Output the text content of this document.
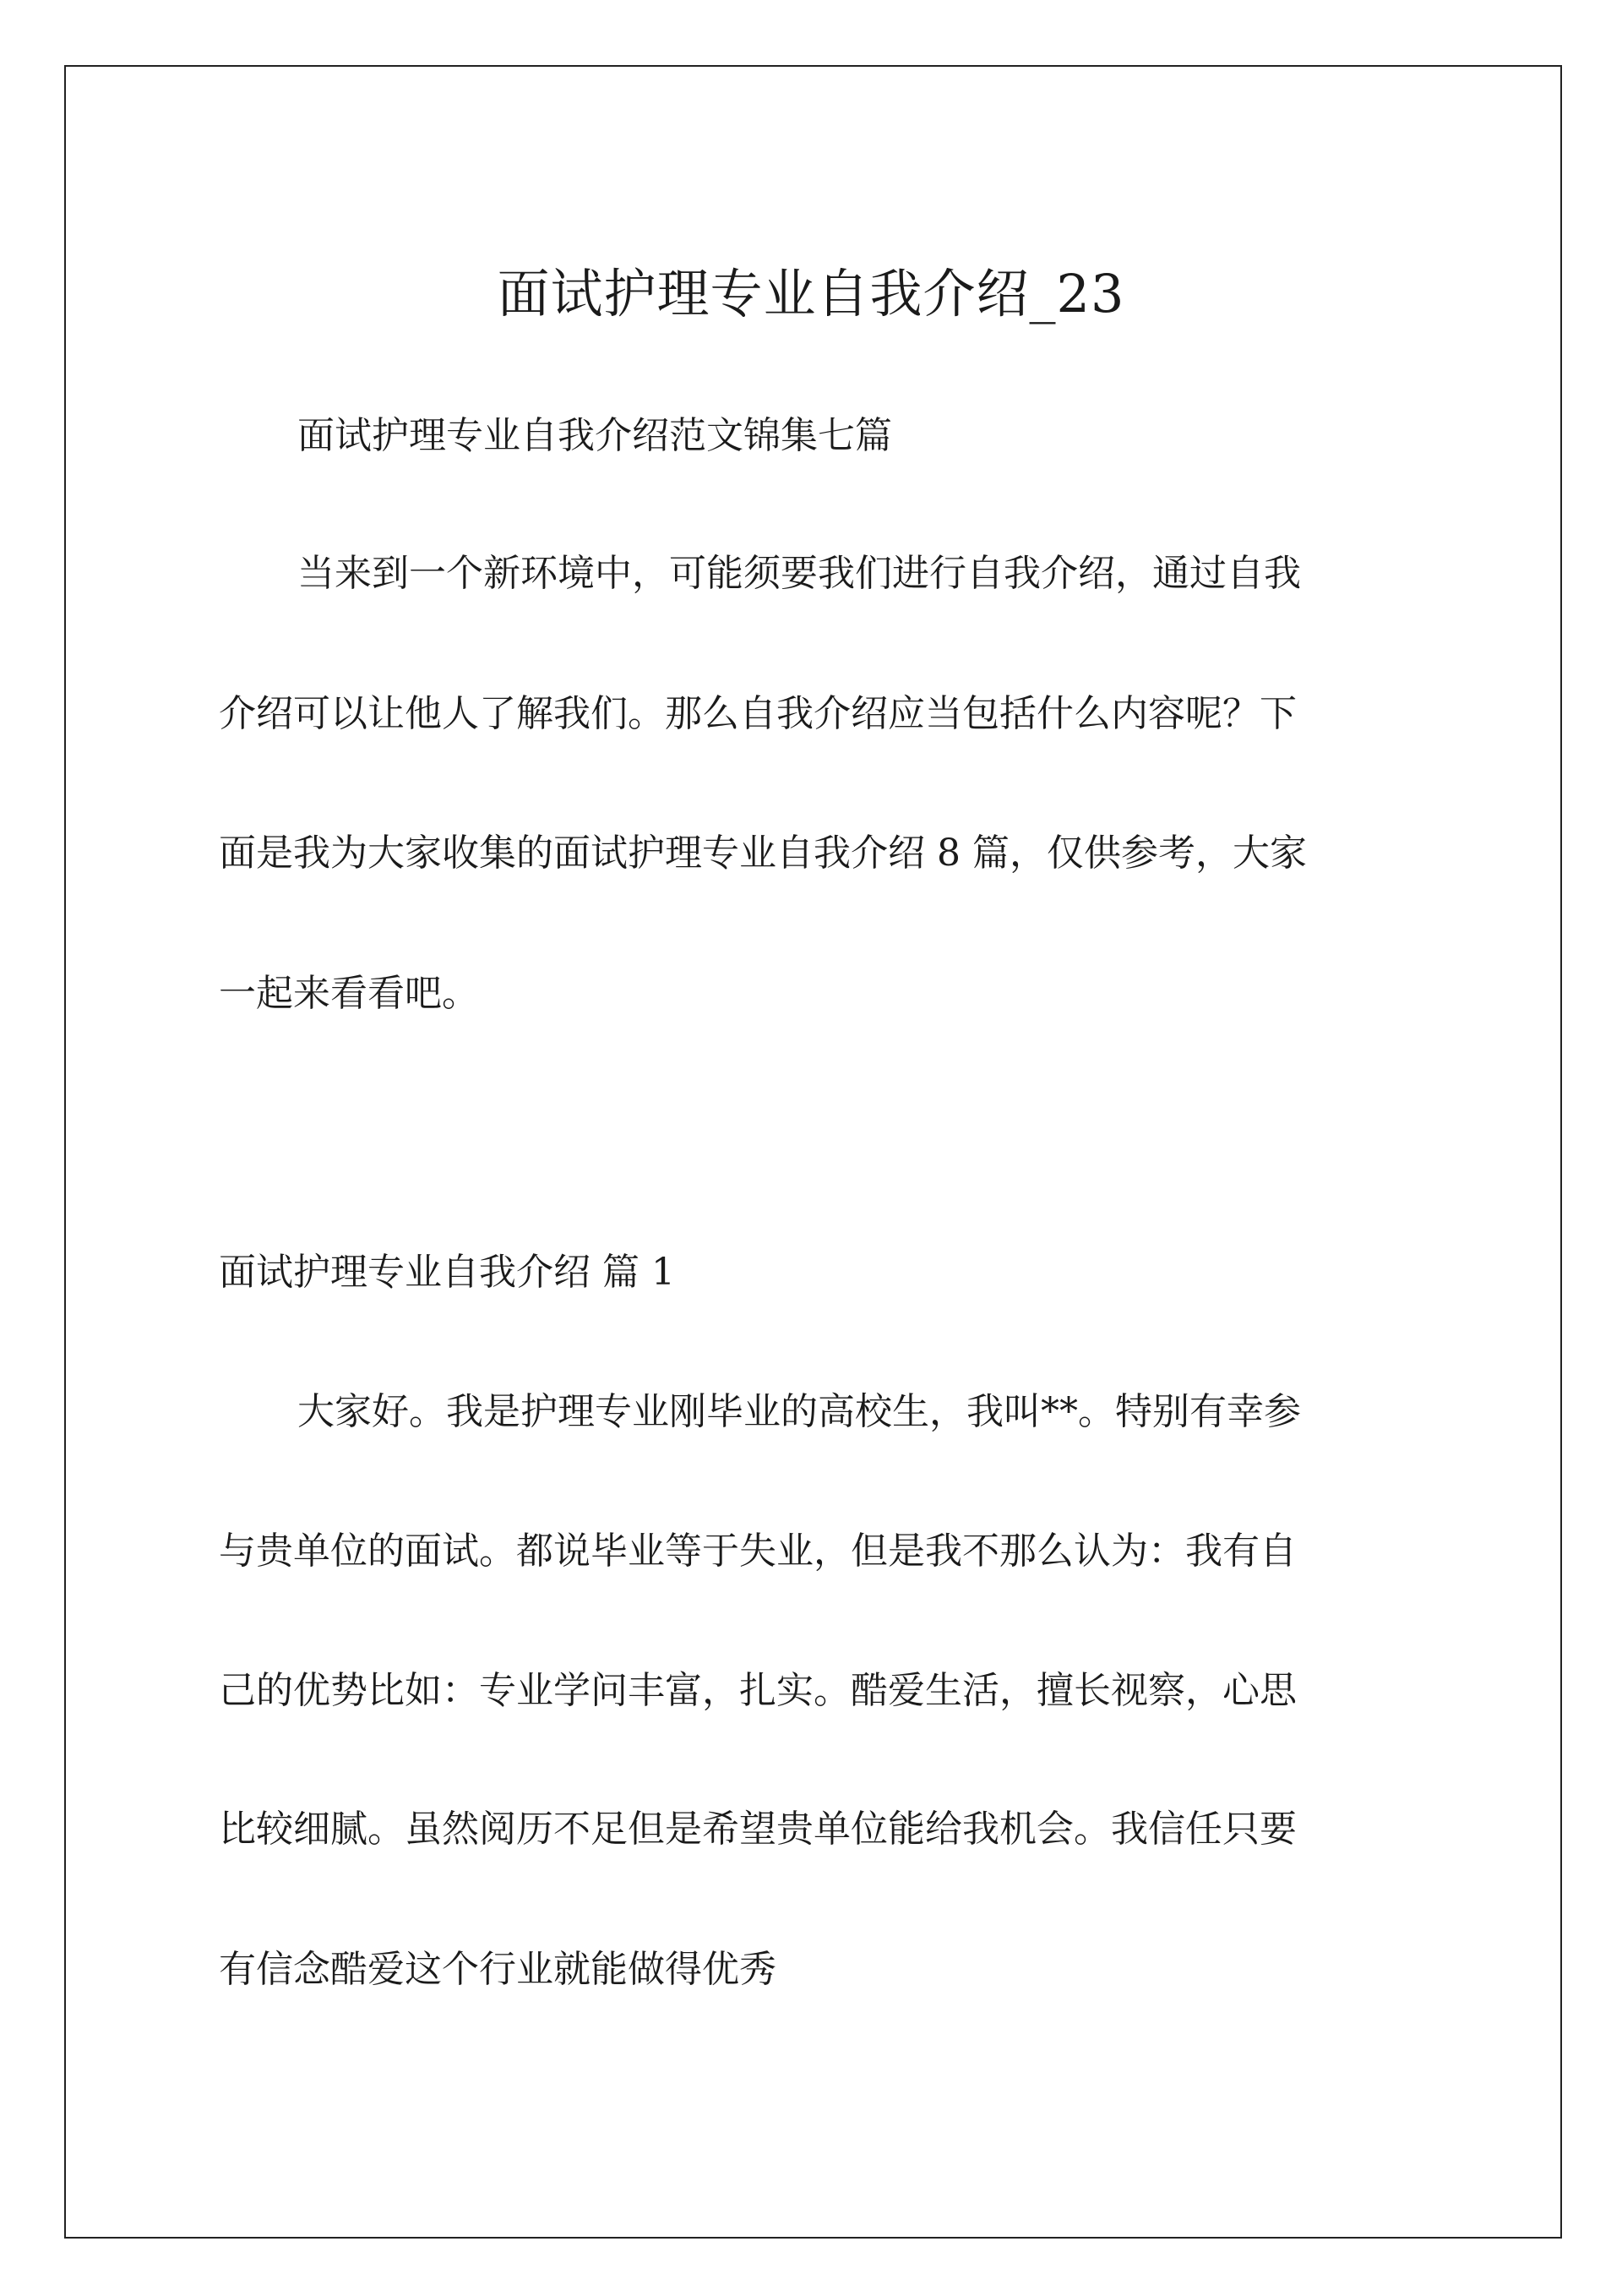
面试护理专业自我介绍_23
面试护理专业自我介绍范文锦集七篇
当来到一个新环境中，可能须要我们进行自我介绍，通过自我
介绍可以让他人了解我们。那么自我介绍应当包括什么内容呢？下
面是我为大家收集的面试护理专业自我介绍 8 篇，仅供参考，大家
一起来看看吧。
面试护理专业自我介绍 篇 1
大家好。我是护理专业刚毕业的高校生，我叫**。特别有幸参
与贵单位的面试。都说毕业等于失业，但是我不那么认为：我有自
己的优势比如：专业学问丰富，扎实。酷爱生活，擅长视察，心思
比较细腻。虽然阅历不足但是希望贵单位能给我机会。我信任只要
有信念酷爱这个行业就能做得优秀
